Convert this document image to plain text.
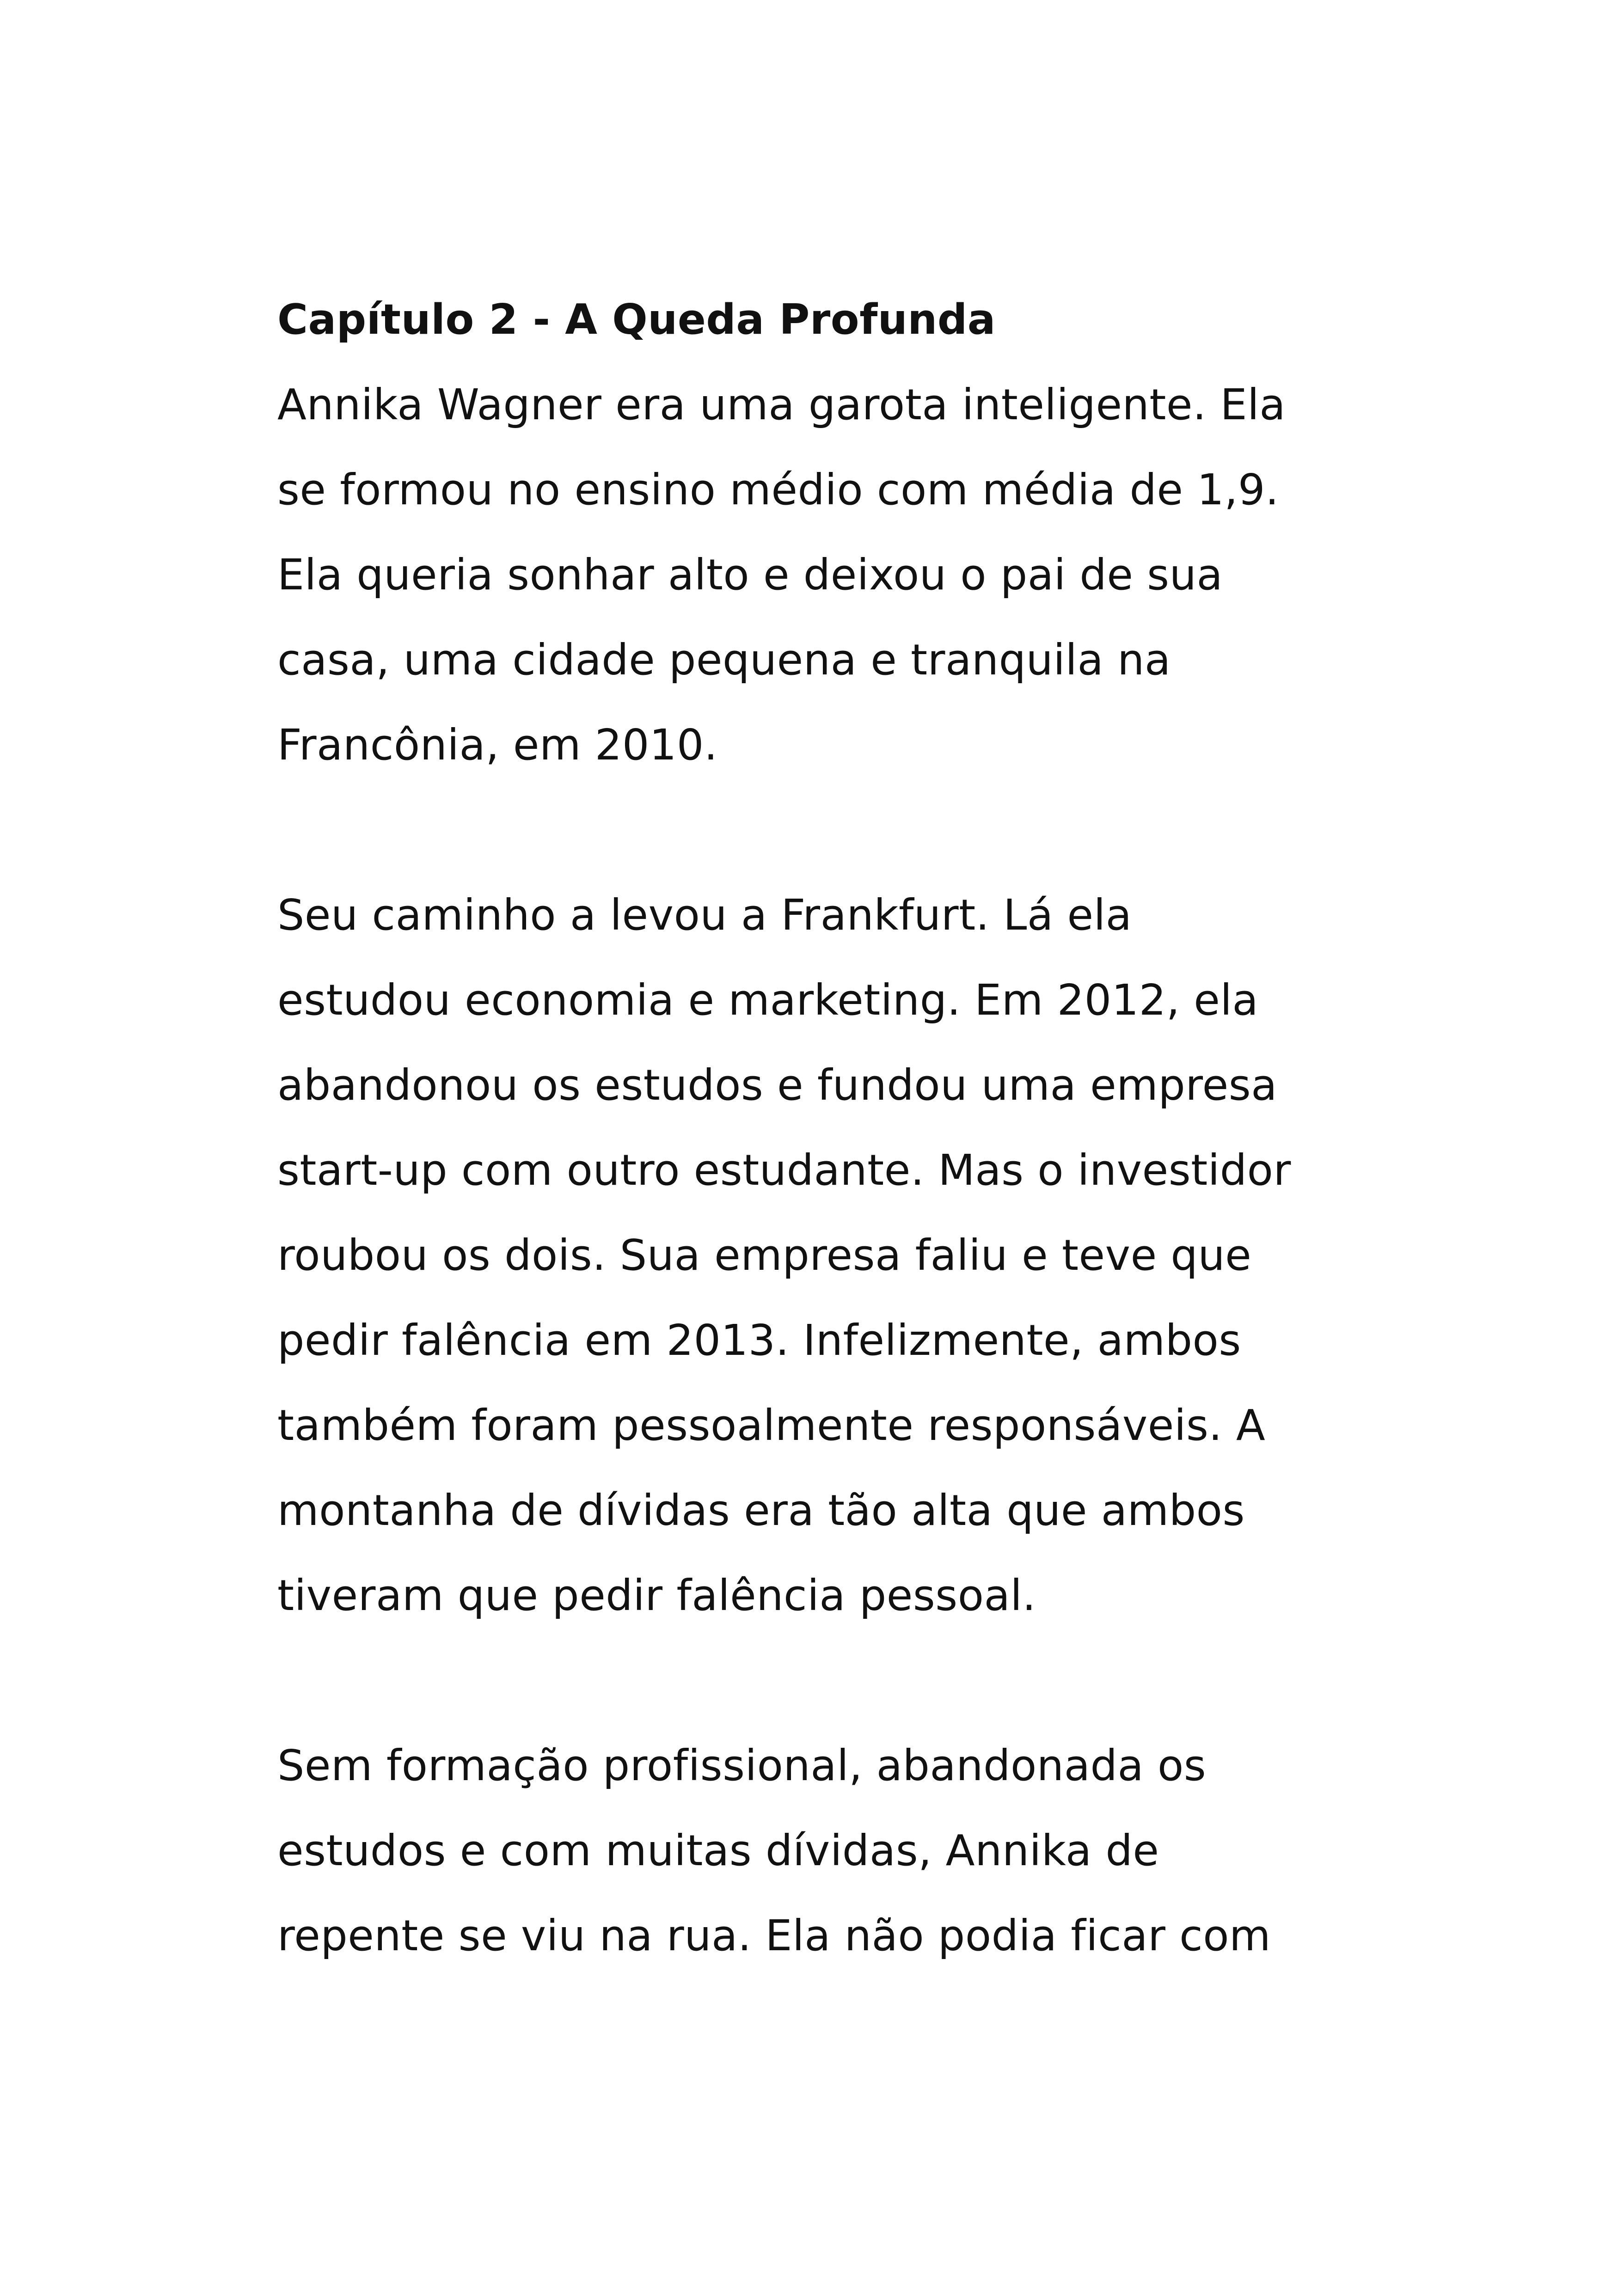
Capítulo 2 - A Queda Profunda
Annika Wagner era uma garota inteligente. Ela
se formou no ensino médio com média de 1,9.
Ela queria sonhar alto e deixou o pai de sua
casa, uma cidade pequena e tranquila na
Francônia, em 2010.
Seu caminho a levou a Frankfurt. Lá ela
estudou economia e marketing. Em 2012, ela
abandonou os estudos e fundou uma empresa
start-up com outro estudante. Mas o investidor
roubou os dois. Sua empresa faliu e teve que
pedir falência em 2013. Infelizmente, ambos
também foram pessoalmente responsáveis. A
montanha de dívidas era tão alta que ambos
tiveram que pedir falência pessoal.
Sem formação profissional, abandonada os
estudos e com muitas dívidas, Annika de
repente se viu na rua. Ela não podia ficar com
